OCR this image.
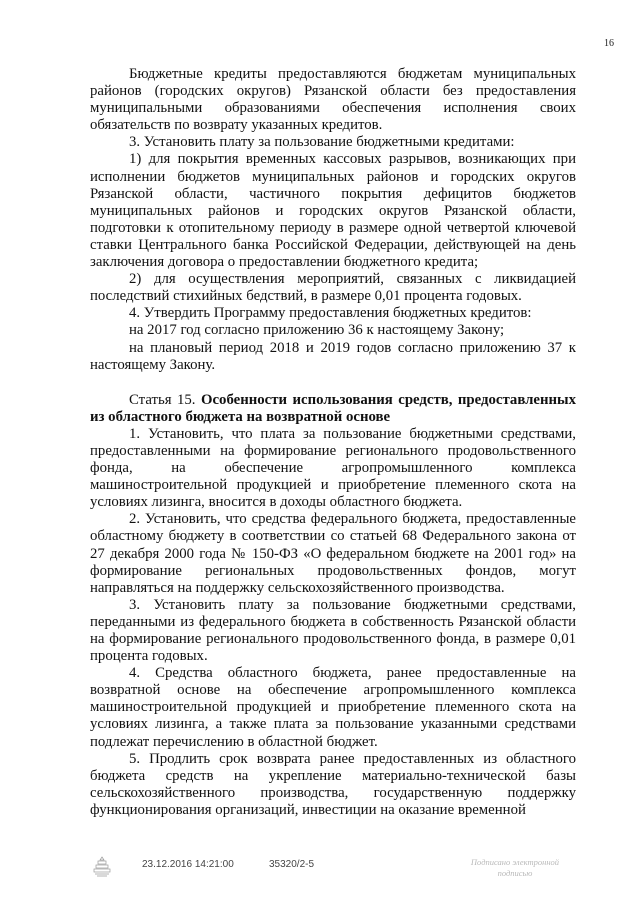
16

Бюджетные кредиты предоставляются бюджетам муниципальных районов (городских округов) Рязанской области без предоставления муниципальными образованиями обеспечения исполнения своих обязательств по возврату указанных кредитов.

3. Установить плату за пользование бюджетными кредитами:

1) для покрытия временных кассовых разрывов, возникающих при исполнении бюджетов муниципальных районов и городских округов Рязанской области, частичного покрытия дефицитов бюджетов муниципальных районов и городских округов Рязанской области, подготовки к отопительному периоду в размере одной четвертой ключевой ставки Центрального банка Российской Федерации, действующей на день заключения договора о предоставлении бюджетного кредита;

2) для осуществления мероприятий, связанных с ликвидацией последствий стихийных бедствий, в размере 0,01 процента годовых.

4. Утвердить Программу предоставления бюджетных кредитов:

на 2017 год согласно приложению 36 к настоящему Закону;

на плановый период 2018 и 2019 годов согласно приложению 37 к настоящему Закону.

Статья 15. Особенности использования средств, предоставленных из областного бюджета на возвратной основе

1. Установить, что плата за пользование бюджетными средствами, предоставленными на формирование регионального продовольственного фонда, на обеспечение агропромышленного комплекса машиностроительной продукцией и приобретение племенного скота на условиях лизинга, вносится в доходы областного бюджета.

2. Установить, что средства федерального бюджета, предоставленные областному бюджету в соответствии со статьей 68 Федерального закона от 27 декабря 2000 года № 150-ФЗ «О федеральном бюджете на 2001 год» на формирование региональных продовольственных фондов, могут направляться на поддержку сельскохозяйственного производства.

3. Установить плату за пользование бюджетными средствами, переданными из федерального бюджета в собственность Рязанской области на формирование регионального продовольственного фонда, в размере 0,01 процента годовых.

4. Средства областного бюджета, ранее предоставленные на возвратной основе на обеспечение агропромышленного комплекса машиностроительной продукцией и приобретение племенного скота на условиях лизинга, а также плата за пользование указанными средствами подлежат перечислению в областной бюджет.

5. Продлить срок возврата ранее предоставленных из областного бюджета средств на укрепление материально-технической базы сельскохозяйственного производства, государственную поддержку функционирования организаций, инвестиции на оказание временной

23.12.2016 14:21:00	35320/2-5	Подписано электронной
подписью
